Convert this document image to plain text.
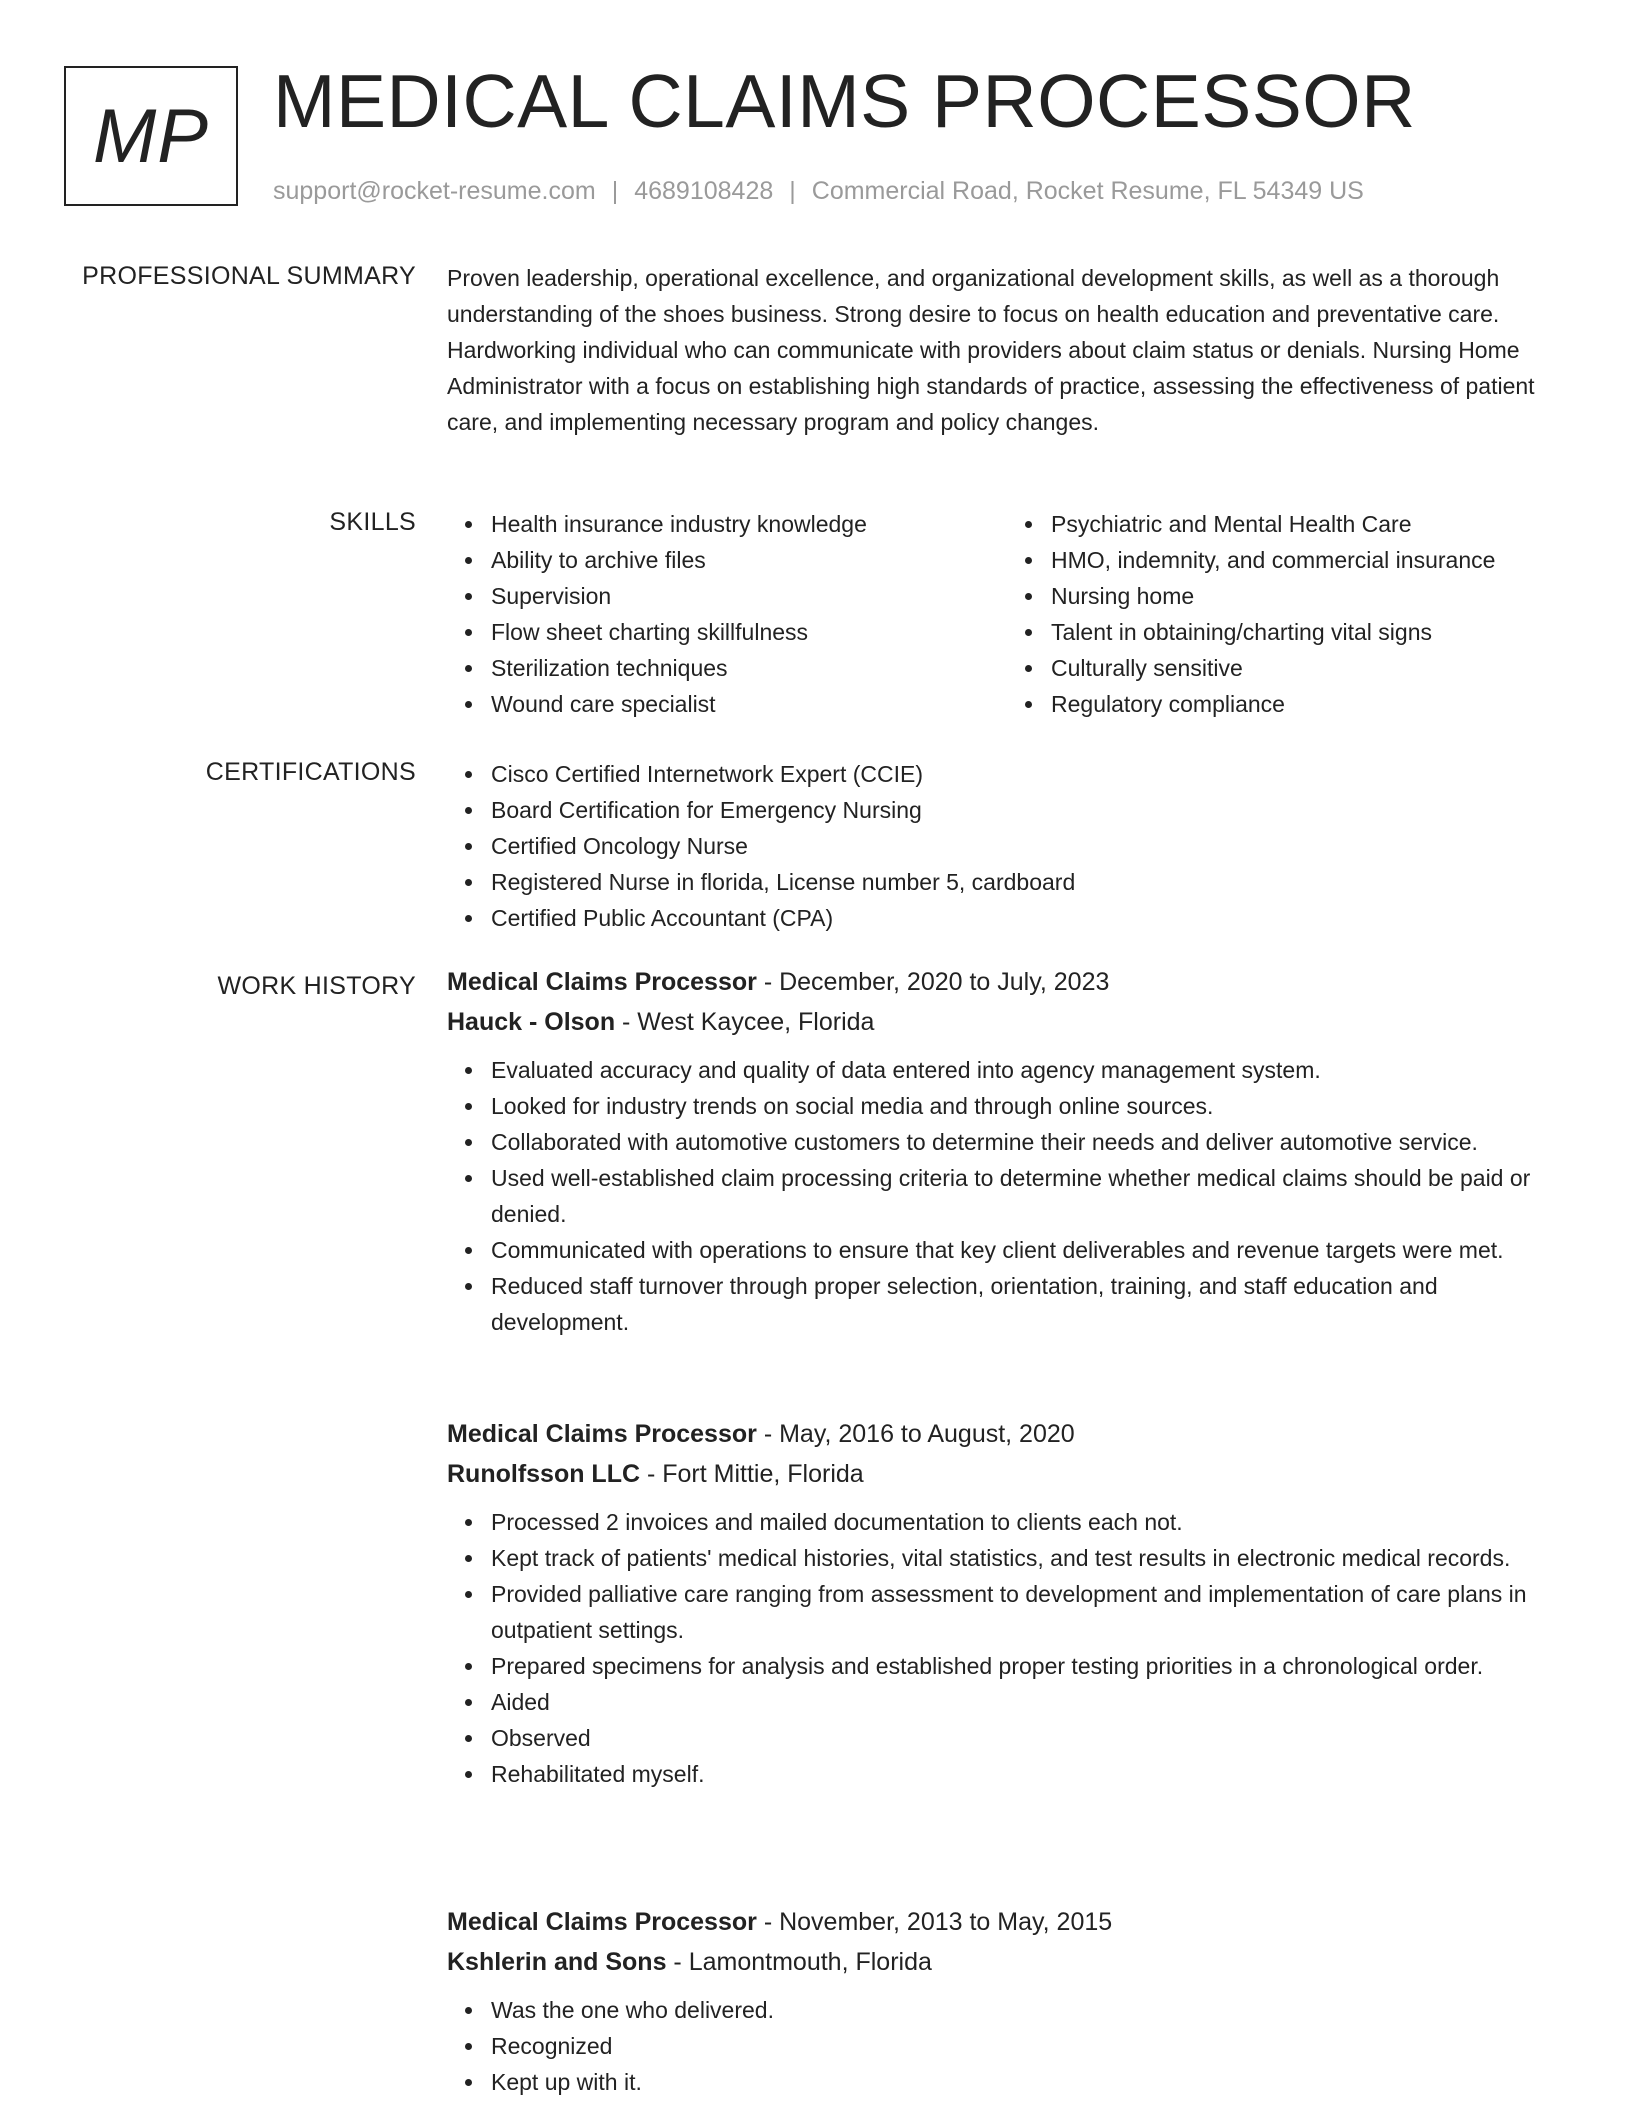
MP MEDICAL CLAIMS PROCESSOR
support@rocket-resume.com | 4689108428 | Commercial Road, Rocket Resume, FL 54349 US
PROFESSIONAL SUMMARY Proven leadership, operational excellence, and organizational development skills, as well as a thorough understanding of the shoes business. Strong desire to focus on health education and preventative care. Hardworking individual who can communicate with providers about claim status or denials. Nursing Home Administrator with a focus on establishing high standards of practice, assessing the effectiveness of patient care, and implementing necessary program and policy changes.

SKILLS	Health insurance industry knowledge
Ability to archive files
Supervision
Flow sheet charting skillfulness
Sterilization techniques
Wound care specialist
Psychiatric and Mental Health Care
HMO, indemnity, and commercial insurance
Nursing home
Talent in obtaining/charting vital signs
Culturally sensitive
Regulatory compliance
CERTIFICATIONS	Cisco Certified Internetwork Expert (CCIE)
Board Certification for Emergency Nursing
Certified Oncology Nurse
Registered Nurse in florida, License number 5, cardboard
Certified Public Accountant (CPA)
WORK HISTORY Medical Claims Processor - December, 2020 to July, 2023
Hauck - Olson - West Kaycee, Florida
Evaluated accuracy and quality of data entered into agency management system.
Looked for industry trends on social media and through online sources.
Collaborated with automotive customers to determine their needs and deliver automotive service.
Used well-established claim processing criteria to determine whether medical claims should be paid or denied.
Communicated with operations to ensure that key client deliverables and revenue targets were met.
Reduced staff turnover through proper selection, orientation, training, and staff education and development.
Medical Claims Processor - May, 2016 to August, 2020
Runolfsson LLC - Fort Mittie, Florida
Processed 2 invoices and mailed documentation to clients each not.
Kept track of patients' medical histories, vital statistics, and test results in electronic medical records.
Provided palliative care ranging from assessment to development and implementation of care plans in outpatient settings.
Prepared specimens for analysis and established proper testing priorities in a chronological order.
Aided
Observed
Rehabilitated myself.
Medical Claims Processor - November, 2013 to May, 2015
Kshlerin and Sons - Lamontmouth, Florida
Was the one who delivered.
Recognized
Kept up with it.
